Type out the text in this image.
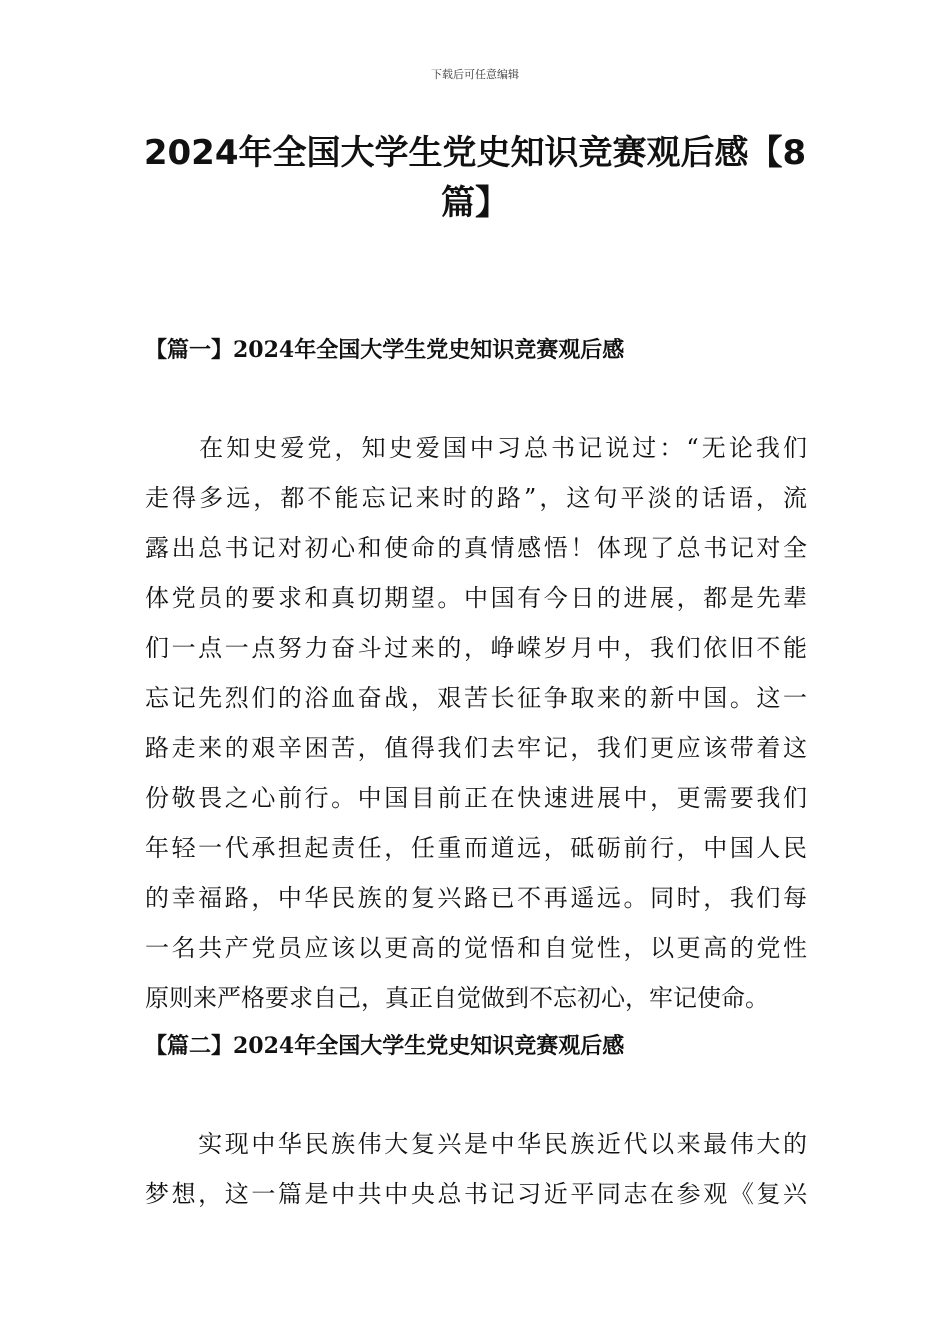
下载后可任意编辑
2024年全国大学生党史知识竞赛观后感【8
篇】
【篇一】2024年全国大学生党史知识竞赛观后感
　　在知史爱党，知史爱国中习总书记说过：“无论我们
走得多远，都不能忘记来时的路”，这句平淡的话语，流
露出总书记对初心和使命的真情感悟！体现了总书记对全
体党员的要求和真切期望。中国有今日的进展，都是先辈
们一点一点努力奋斗过来的，峥嵘岁月中，我们依旧不能
忘记先烈们的浴血奋战，艰苦长征争取来的新中国。这一
路走来的艰辛困苦，值得我们去牢记，我们更应该带着这
份敬畏之心前行。中国目前正在快速进展中，更需要我们
年轻一代承担起责任，任重而道远，砥砺前行，中国人民
的幸福路，中华民族的复兴路已不再遥远。同时，我们每
一名共产党员应该以更高的觉悟和自觉性，以更高的党性
原则来严格要求自己，真正自觉做到不忘初心，牢记使命。
【篇二】2024年全国大学生党史知识竞赛观后感
　　实现中华民族伟大复兴是中华民族近代以来最伟大的
梦想，这一篇是中共中央总书记习近平同志在参观《复兴
